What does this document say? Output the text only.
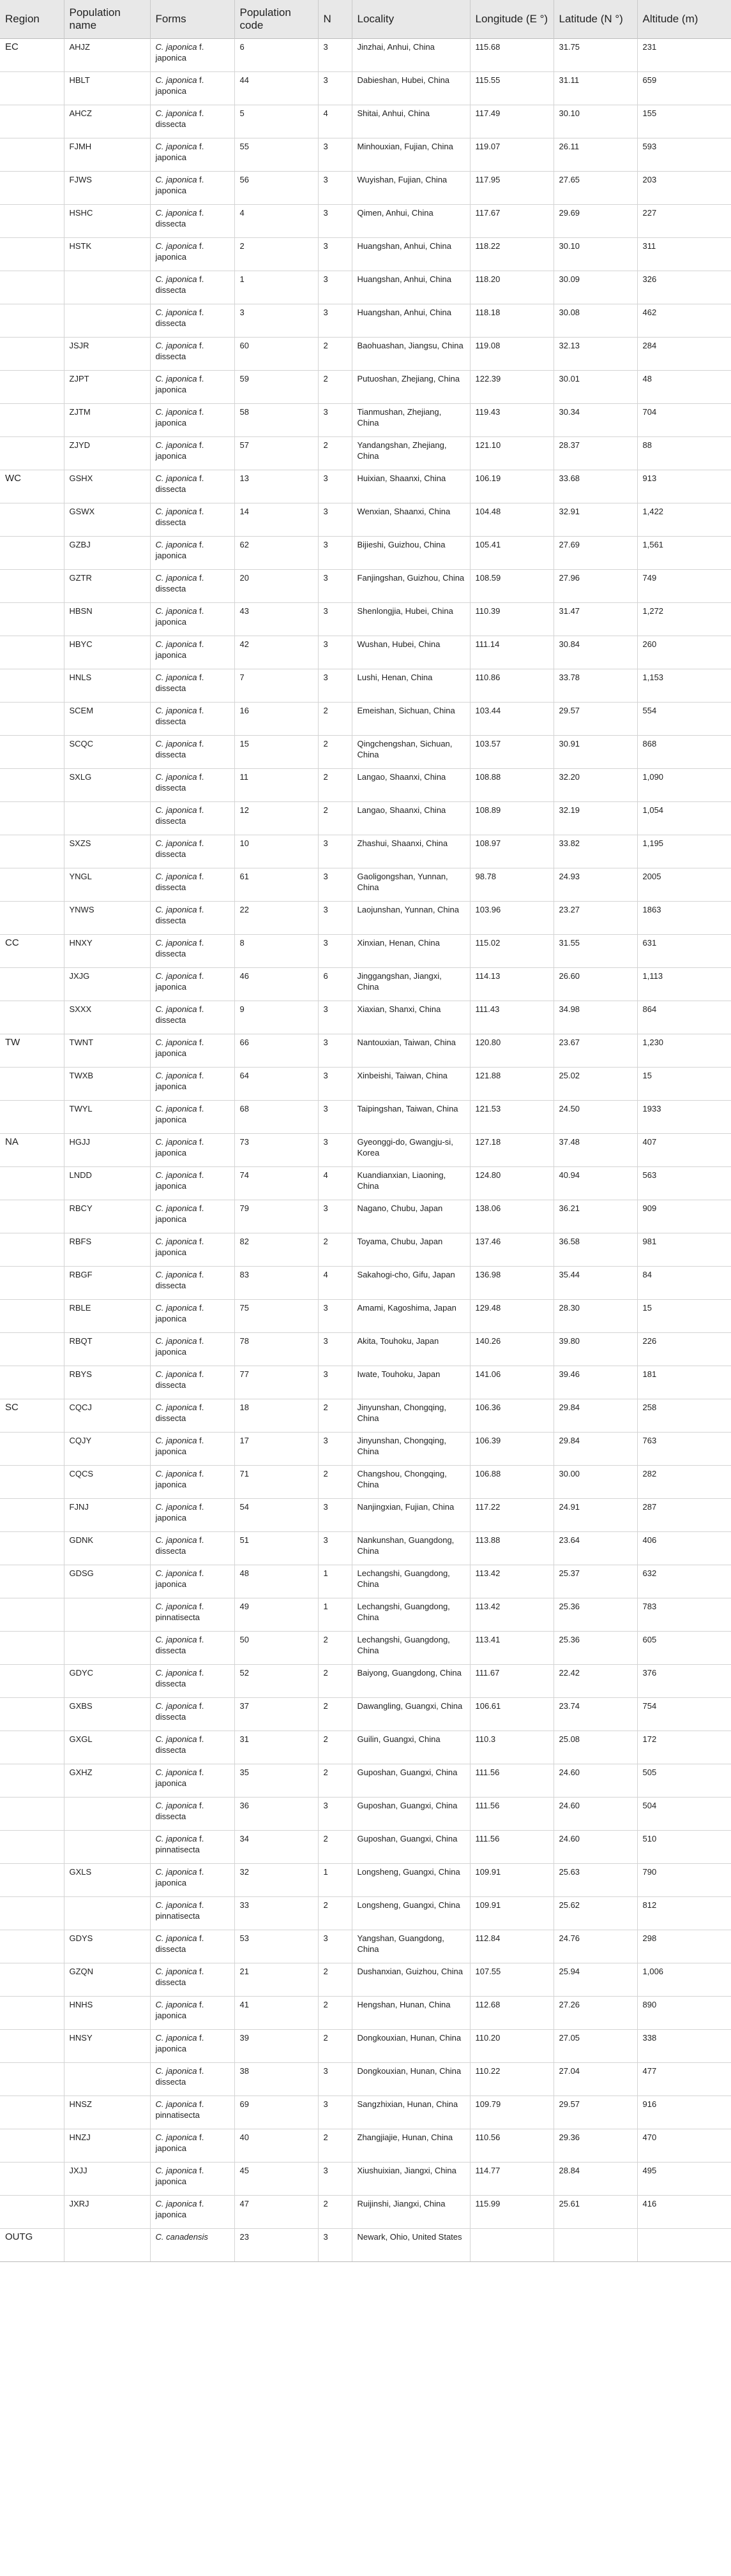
Region	Population name	Forms	Population code	N	Locality	Longitude (E °)	Latitude (N °)	Altitude (m)
EC	AHJZ	C. japonica f. japonica	6	3	Jinzhai, Anhui, China	115.68	31.75	231
	HBLT	C. japonica f. japonica	44	3	Dabieshan, Hubei, China	115.55	31.11	659
	AHCZ	C. japonica f. dissecta	5	4	Shitai, Anhui, China	117.49	30.10	155
	FJMH	C. japonica f. japonica	55	3	Minhouxian, Fujian, China	119.07	26.11	593
	FJWS	C. japonica f. japonica	56	3	Wuyishan, Fujian, China	117.95	27.65	203
	HSHC	C. japonica f. dissecta	4	3	Qimen, Anhui, China	117.67	29.69	227
	HSTK	C. japonica f. japonica	2	3	Huangshan, Anhui, China	118.22	30.10	311
		C. japonica f. dissecta	1	3	Huangshan, Anhui, China	118.20	30.09	326
		C. japonica f. dissecta	3	3	Huangshan, Anhui, China	118.18	30.08	462
	JSJR	C. japonica f. dissecta	60	2	Baohuashan, Jiangsu, China	119.08	32.13	284
	ZJPT	C. japonica f. japonica	59	2	Putuoshan, Zhejiang, China	122.39	30.01	48
	ZJTM	C. japonica f. japonica	58	3	Tianmushan, Zhejiang, China	119.43	30.34	704
	ZJYD	C. japonica f. japonica	57	2	Yandangshan, Zhejiang, China	121.10	28.37	88
WC	GSHX	C. japonica f. dissecta	13	3	Huixian, Shaanxi, China	106.19	33.68	913
	GSWX	C. japonica f. dissecta	14	3	Wenxian, Shaanxi, China	104.48	32.91	1,422
	GZBJ	C. japonica f. japonica	62	3	Bijieshi, Guizhou, China	105.41	27.69	1,561
	GZTR	C. japonica f. dissecta	20	3	Fanjingshan, Guizhou, China	108.59	27.96	749
	HBSN	C. japonica f. japonica	43	3	Shenlongjia, Hubei, China	110.39	31.47	1,272
	HBYC	C. japonica f. japonica	42	3	Wushan, Hubei, China	111.14	30.84	260
	HNLS	C. japonica f. dissecta	7	3	Lushi, Henan, China	110.86	33.78	1,153
	SCEM	C. japonica f. dissecta	16	2	Emeishan, Sichuan, China	103.44	29.57	554
	SCQC	C. japonica f. dissecta	15	2	Qingchengshan, Sichuan, China	103.57	30.91	868
	SXLG	C. japonica f. dissecta	11	2	Langao, Shaanxi, China	108.88	32.20	1,090
		C. japonica f. dissecta	12	2	Langao, Shaanxi, China	108.89	32.19	1,054
	SXZS	C. japonica f. dissecta	10	3	Zhashui, Shaanxi, China	108.97	33.82	1,195
	YNGL	C. japonica f. dissecta	61	3	Gaoligongshan, Yunnan, China	98.78	24.93	2005
	YNWS	C. japonica f. dissecta	22	3	Laojunshan, Yunnan, China	103.96	23.27	1863
CC	HNXY	C. japonica f. dissecta	8	3	Xinxian, Henan, China	115.02	31.55	631
	JXJG	C. japonica f. japonica	46	6	Jinggangshan, Jiangxi, China	114.13	26.60	1,113
	SXXX	C. japonica f. dissecta	9	3	Xiaxian, Shanxi, China	111.43	34.98	864
TW	TWNT	C. japonica f. japonica	66	3	Nantouxian, Taiwan, China	120.80	23.67	1,230
	TWXB	C. japonica f. japonica	64	3	Xinbeishi, Taiwan, China	121.88	25.02	15
	TWYL	C. japonica f. japonica	68	3	Taipingshan, Taiwan, China	121.53	24.50	1933
NA	HGJJ	C. japonica f. japonica	73	3	Gyeonggi-do, Gwangju-si, Korea	127.18	37.48	407
	LNDD	C. japonica f. japonica	74	4	Kuandianxian, Liaoning, China	124.80	40.94	563
	RBCY	C. japonica f. japonica	79	3	Nagano, Chubu, Japan	138.06	36.21	909
	RBFS	C. japonica f. japonica	82	2	Toyama, Chubu, Japan	137.46	36.58	981
	RBGF	C. japonica f. dissecta	83	4	Sakahogi-cho, Gifu, Japan	136.98	35.44	84
	RBLE	C. japonica f. japonica	75	3	Amami, Kagoshima, Japan	129.48	28.30	15
	RBQT	C. japonica f. japonica	78	3	Akita, Touhoku, Japan	140.26	39.80	226
	RBYS	C. japonica f. dissecta	77	3	Iwate, Touhoku, Japan	141.06	39.46	181
SC	CQCJ	C. japonica f. dissecta	18	2	Jinyunshan, Chongqing, China	106.36	29.84	258
	CQJY	C. japonica f. japonica	17	3	Jinyunshan, Chongqing, China	106.39	29.84	763
	CQCS	C. japonica f. japonica	71	2	Changshou, Chongqing, China	106.88	30.00	282
	FJNJ	C. japonica f. japonica	54	3	Nanjingxian, Fujian, China	117.22	24.91	287
	GDNK	C. japonica f. dissecta	51	3	Nankunshan, Guangdong, China	113.88	23.64	406
	GDSG	C. japonica f. japonica	48	1	Lechangshi, Guangdong, China	113.42	25.37	632
		C. japonica f. pinnatisecta	49	1	Lechangshi, Guangdong, China	113.42	25.36	783
		C. japonica f. dissecta	50	2	Lechangshi, Guangdong, China	113.41	25.36	605
	GDYC	C. japonica f. dissecta	52	2	Baiyong, Guangdong, China	111.67	22.42	376
	GXBS	C. japonica f. dissecta	37	2	Dawangling, Guangxi, China	106.61	23.74	754
	GXGL	C. japonica f. dissecta	31	2	Guilin, Guangxi, China	110.3	25.08	172
	GXHZ	C. japonica f. japonica	35	2	Guposhan, Guangxi, China	111.56	24.60	505
		C. japonica f. dissecta	36	3	Guposhan, Guangxi, China	111.56	24.60	504
		C. japonica f. pinnatisecta	34	2	Guposhan, Guangxi, China	111.56	24.60	510
	GXLS	C. japonica f. japonica	32	1	Longsheng, Guangxi, China	109.91	25.63	790
		C. japonica f. pinnatisecta	33	2	Longsheng, Guangxi, China	109.91	25.62	812
	GDYS	C. japonica f. dissecta	53	3	Yangshan, Guangdong, China	112.84	24.76	298
	GZQN	C. japonica f. dissecta	21	2	Dushanxian, Guizhou, China	107.55	25.94	1,006
	HNHS	C. japonica f. japonica	41	2	Hengshan, Hunan, China	112.68	27.26	890
	HNSY	C. japonica f. japonica	39	2	Dongkouxian, Hunan, China	110.20	27.05	338
		C. japonica f. dissecta	38	3	Dongkouxian, Hunan, China	110.22	27.04	477
	HNSZ	C. japonica f. pinnatisecta	69	3	Sangzhixian, Hunan, China	109.79	29.57	916
	HNZJ	C. japonica f. japonica	40	2	Zhangjiajie, Hunan, China	110.56	29.36	470
	JXJJ	C. japonica f. japonica	45	3	Xiushuixian, Jiangxi, China	114.77	28.84	495
	JXRJ	C. japonica f. japonica	47	2	Ruijinshi, Jiangxi, China	115.99	25.61	416
OUTG		C. canadensis	23	3	Newark, Ohio, United States			
